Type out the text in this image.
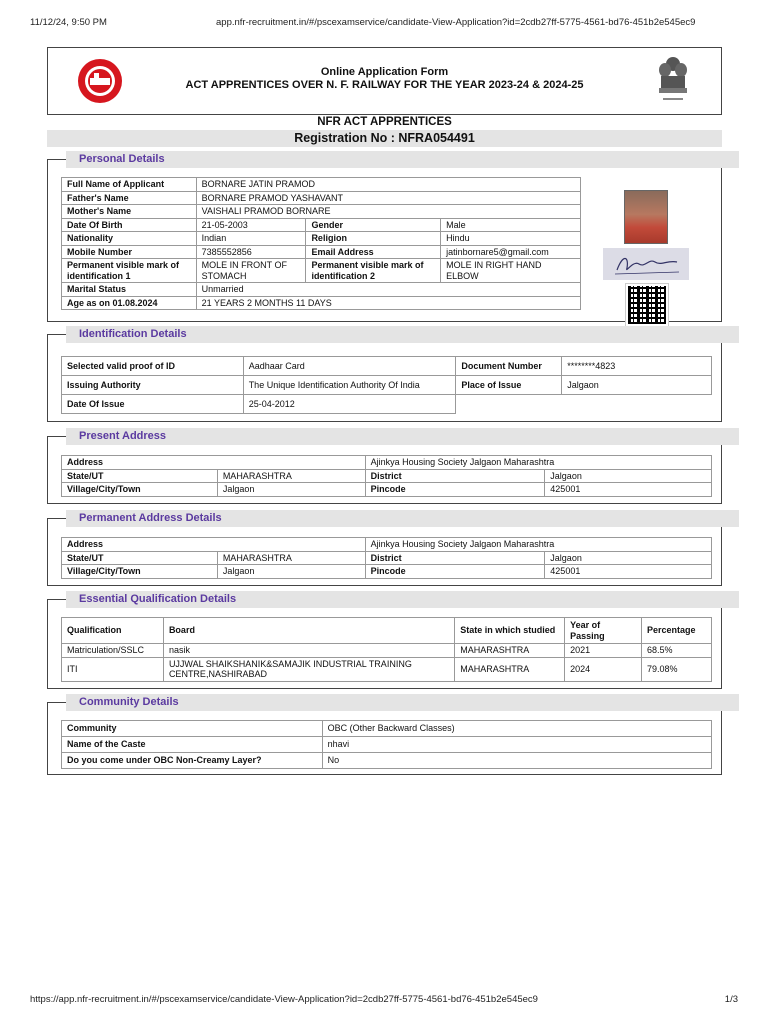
11/12/24, 9:50 PM	app.nfr-recruitment.in/#/pscexamservice/candidate-View-Application?id=2cdb27ff-5775-4561-bd76-451b2e545ec9
Online Application Form
ACT APPRENTICES OVER N. F. RAILWAY FOR THE YEAR 2023-24 & 2024-25
NFR ACT APPRENTICES
Registration No : NFRA054491
Personal Details
Full Name of Applicant	BORNARE JATIN PRAMOD		
Father's Name	BORNARE PRAMOD YASHAVANT		
Mother's Name	VAISHALI PRAMOD BORNARE		
Date Of Birth	21-05-2003	Gender	Male
Nationality	Indian	Religion	Hindu
Mobile Number	7385552856	Email Address	jatinbornare5@gmail.com
Permanent visible mark of identification 1	MOLE IN FRONT OF STOMACH	Permanent visible mark of identification 2	MOLE IN RIGHT HAND ELBOW
Marital Status	Unmarried		
Age as on 01.08.2024	21 YEARS 2 MONTHS 11 DAYS		
Identification Details
Selected valid proof of ID	Aadhaar Card	Document Number	********4823
Issuing Authority	The Unique Identification Authority Of India	Place of Issue	Jalgaon
Date Of Issue	25-04-2012		
Present Address
Address		Ajinkya Housing Society Jalgaon Maharashtra	
State/UT	MAHARASHTRA	District	Jalgaon
Village/City/Town	Jalgaon	Pincode	425001
Permanent Address Details
Address		Ajinkya Housing Society Jalgaon Maharashtra	
State/UT	MAHARASHTRA	District	Jalgaon
Village/City/Town	Jalgaon	Pincode	425001
Essential Qualification Details
Qualification	Board	State in which studied	Year of Passing	Percentage
Matriculation/SSLC	nasik	MAHARASHTRA	2021	68.5%
ITI	UJJWAL SHAIKSHANIK&SAMAJIK INDUSTRIAL TRAINING CENTRE,NASHIRABAD	MAHARASHTRA	2024	79.08%
Community Details
Community	OBC (Other Backward Classes)
Name of the Caste	nhavi
Do you come under OBC Non-Creamy Layer?	No
https://app.nfr-recruitment.in/#/pscexamservice/candidate-View-Application?id=2cdb27ff-5775-4561-bd76-451b2e545ec9	1/3
